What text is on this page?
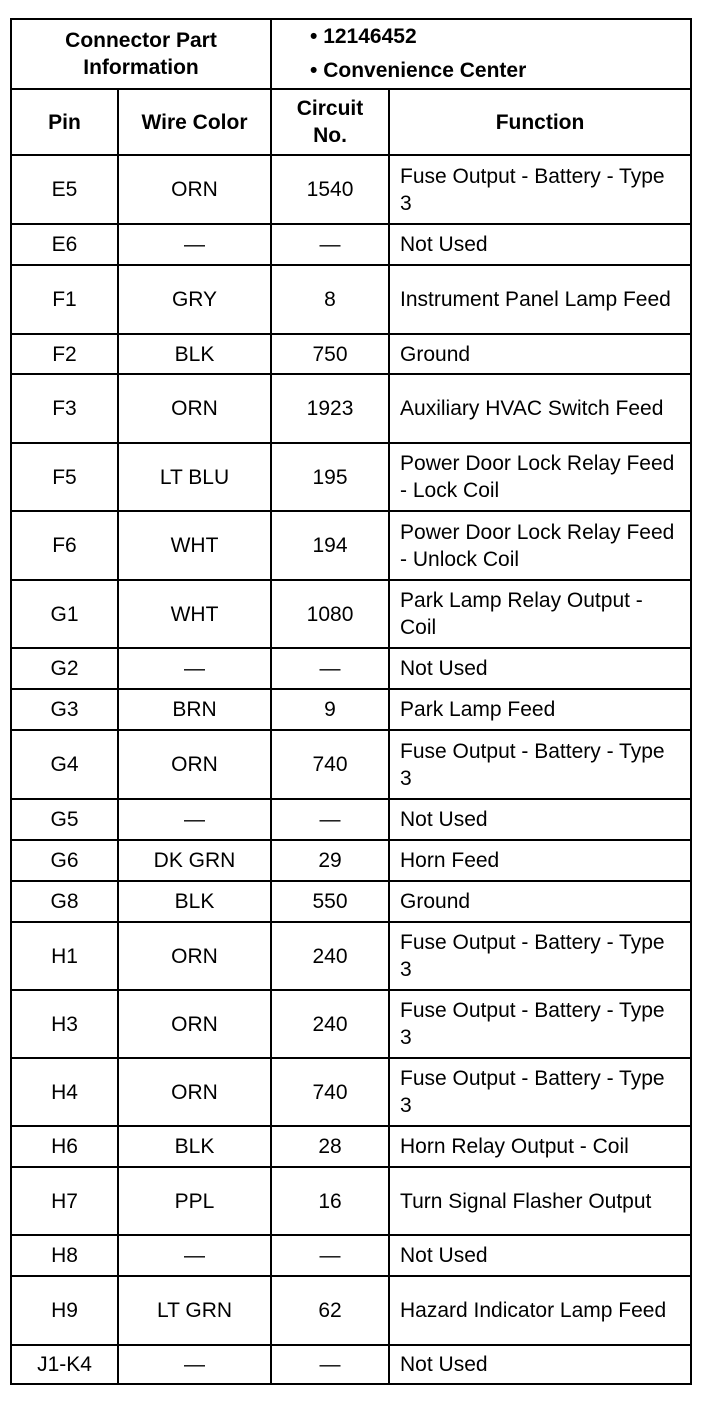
Connector Part Information		• 12146452
• Convenience Center	

Pin	Wire Color	Circuit No.	Function
E5	ORN	1540	Fuse Output - Battery - Type 3
E6	—	—	Not Used
F1	GRY	8	Instrument Panel Lamp Feed
F2	BLK	750	Ground
F3	ORN	1923	Auxiliary HVAC Switch Feed
F5	LT BLU	195	Power Door Lock Relay Feed - Lock Coil
F6	WHT	194	Power Door Lock Relay Feed - Unlock Coil
G1	WHT	1080	Park Lamp Relay Output - Coil
G2	—	—	Not Used
G3	BRN	9	Park Lamp Feed
G4	ORN	740	Fuse Output - Battery - Type 3
G5	—	—	Not Used
G6	DK GRN	29	Horn Feed
G8	BLK	550	Ground
H1	ORN	240	Fuse Output - Battery - Type 3
H3	ORN	240	Fuse Output - Battery - Type 3
H4	ORN	740	Fuse Output - Battery - Type 3
H6	BLK	28	Horn Relay Output - Coil
H7	PPL	16	Turn Signal Flasher Output
H8	—	—	Not Used
H9	LT GRN	62	Hazard Indicator Lamp Feed
J1-K4	—	—	Not Used
